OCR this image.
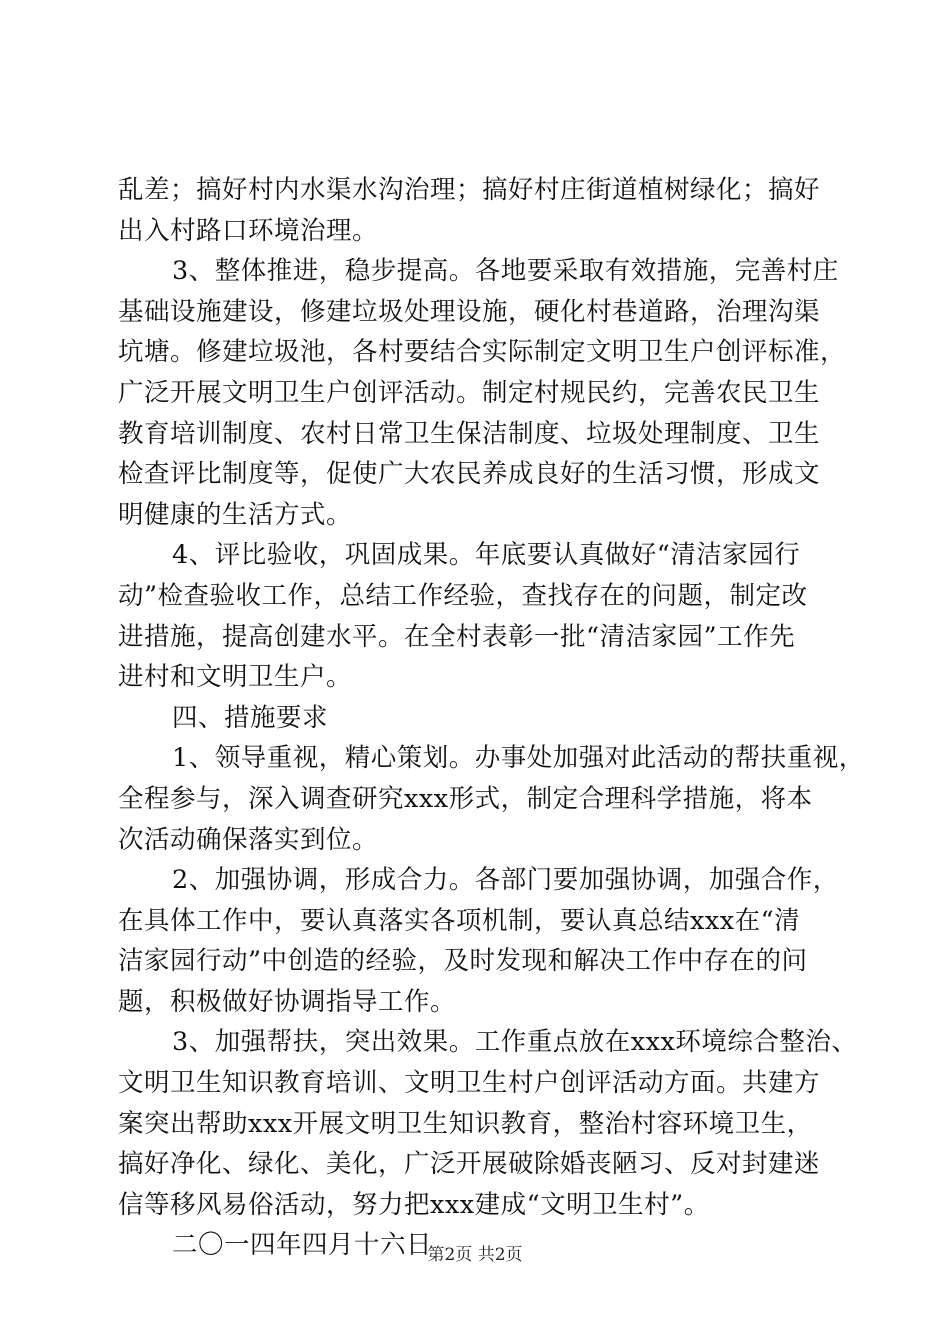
乱差；搞好村内水渠水沟治理；搞好村庄街道植树绿化；搞好
出入村路口环境治理。
3、整体推进，稳步提高。各地要采取有效措施，完善村庄
基础设施建设，修建垃圾处理设施，硬化村巷道路，治理沟渠
坑塘。修建垃圾池，各村要结合实际制定文明卫生户创评标准，
广泛开展文明卫生户创评活动。制定村规民约，完善农民卫生
教育培训制度、农村日常卫生保洁制度、垃圾处理制度、卫生
检查评比制度等，促使广大农民养成良好的生活习惯，形成文
明健康的生活方式。
4、评比验收，巩固成果。年底要认真做好“清洁家园行
动”检查验收工作，总结工作经验，查找存在的问题，制定改
进措施，提高创建水平。在全村表彰一批“清洁家园”工作先
进村和文明卫生户。
四、措施要求
1、领导重视，精心策划。办事处加强对此活动的帮扶重视，
全程参与，深入调查研究xxx形式，制定合理科学措施，将本
次活动确保落实到位。
2、加强协调，形成合力。各部门要加强协调，加强合作，
在具体工作中，要认真落实各项机制，要认真总结xxx在“清
洁家园行动”中创造的经验，及时发现和解决工作中存在的问
题，积极做好协调指导工作。
3、加强帮扶，突出效果。工作重点放在xxx环境综合整治、
文明卫生知识教育培训、文明卫生村户创评活动方面。共建方
案突出帮助xxx开展文明卫生知识教育，整治村容环境卫生，
搞好净化、绿化、美化，广泛开展破除婚丧陋习、反对封建迷
信等移风易俗活动，努力把xxx建成“文明卫生村”。
二〇一四年四月十六日
第2页 共2页
